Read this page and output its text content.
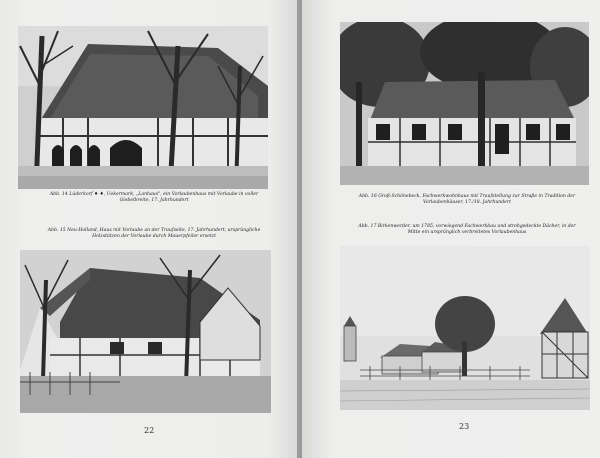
Abb. 14 Lüderkorf ♦ ♦, Uekermark, „Lanhaus", ein Vorlaubenhaus mit Vorlaube in voller Giebelbreite, 17. Jahrhundert
Abb. 15 Neu-Holland, Haus mit Vorlaube an der Traufseite, 17. Jahrhundert, ursprüngliche Holzstützen der Vorlaube durch Mauerpfeiler ersetzt
22
Abb. 16 Groß-Schönebeck, Fachwerkwohnhaus mit Traufstellung zur Straße in Tradition der Vorlaubenhäuser, 17./18. Jahrhundert
Abb. 17 Birkenwerder, um 1785, vorwiegend Fachwerkbau und strohgedeckte Dächer, in der Mitte ein ursprünglich verbreitetes Vorlaubenhaus
23
